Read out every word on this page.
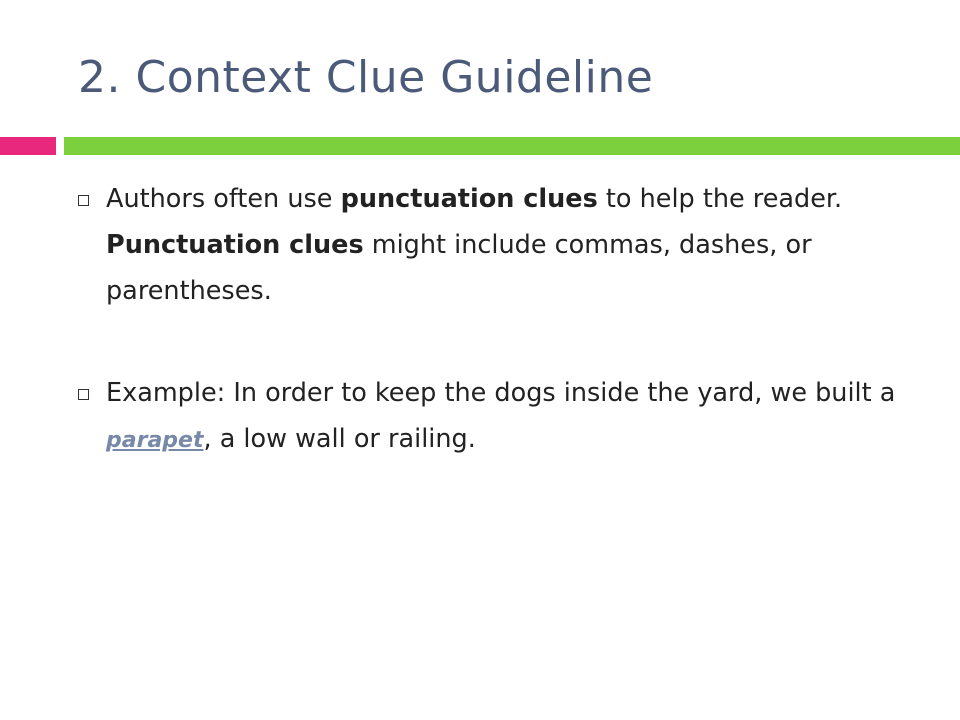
2. Context Clue Guideline
Authors often use punctuation clues to help the reader. Punctuation clues might include commas, dashes, or parentheses.
Example: In order to keep the dogs inside the yard, we built a parapet, a low wall or railing.
